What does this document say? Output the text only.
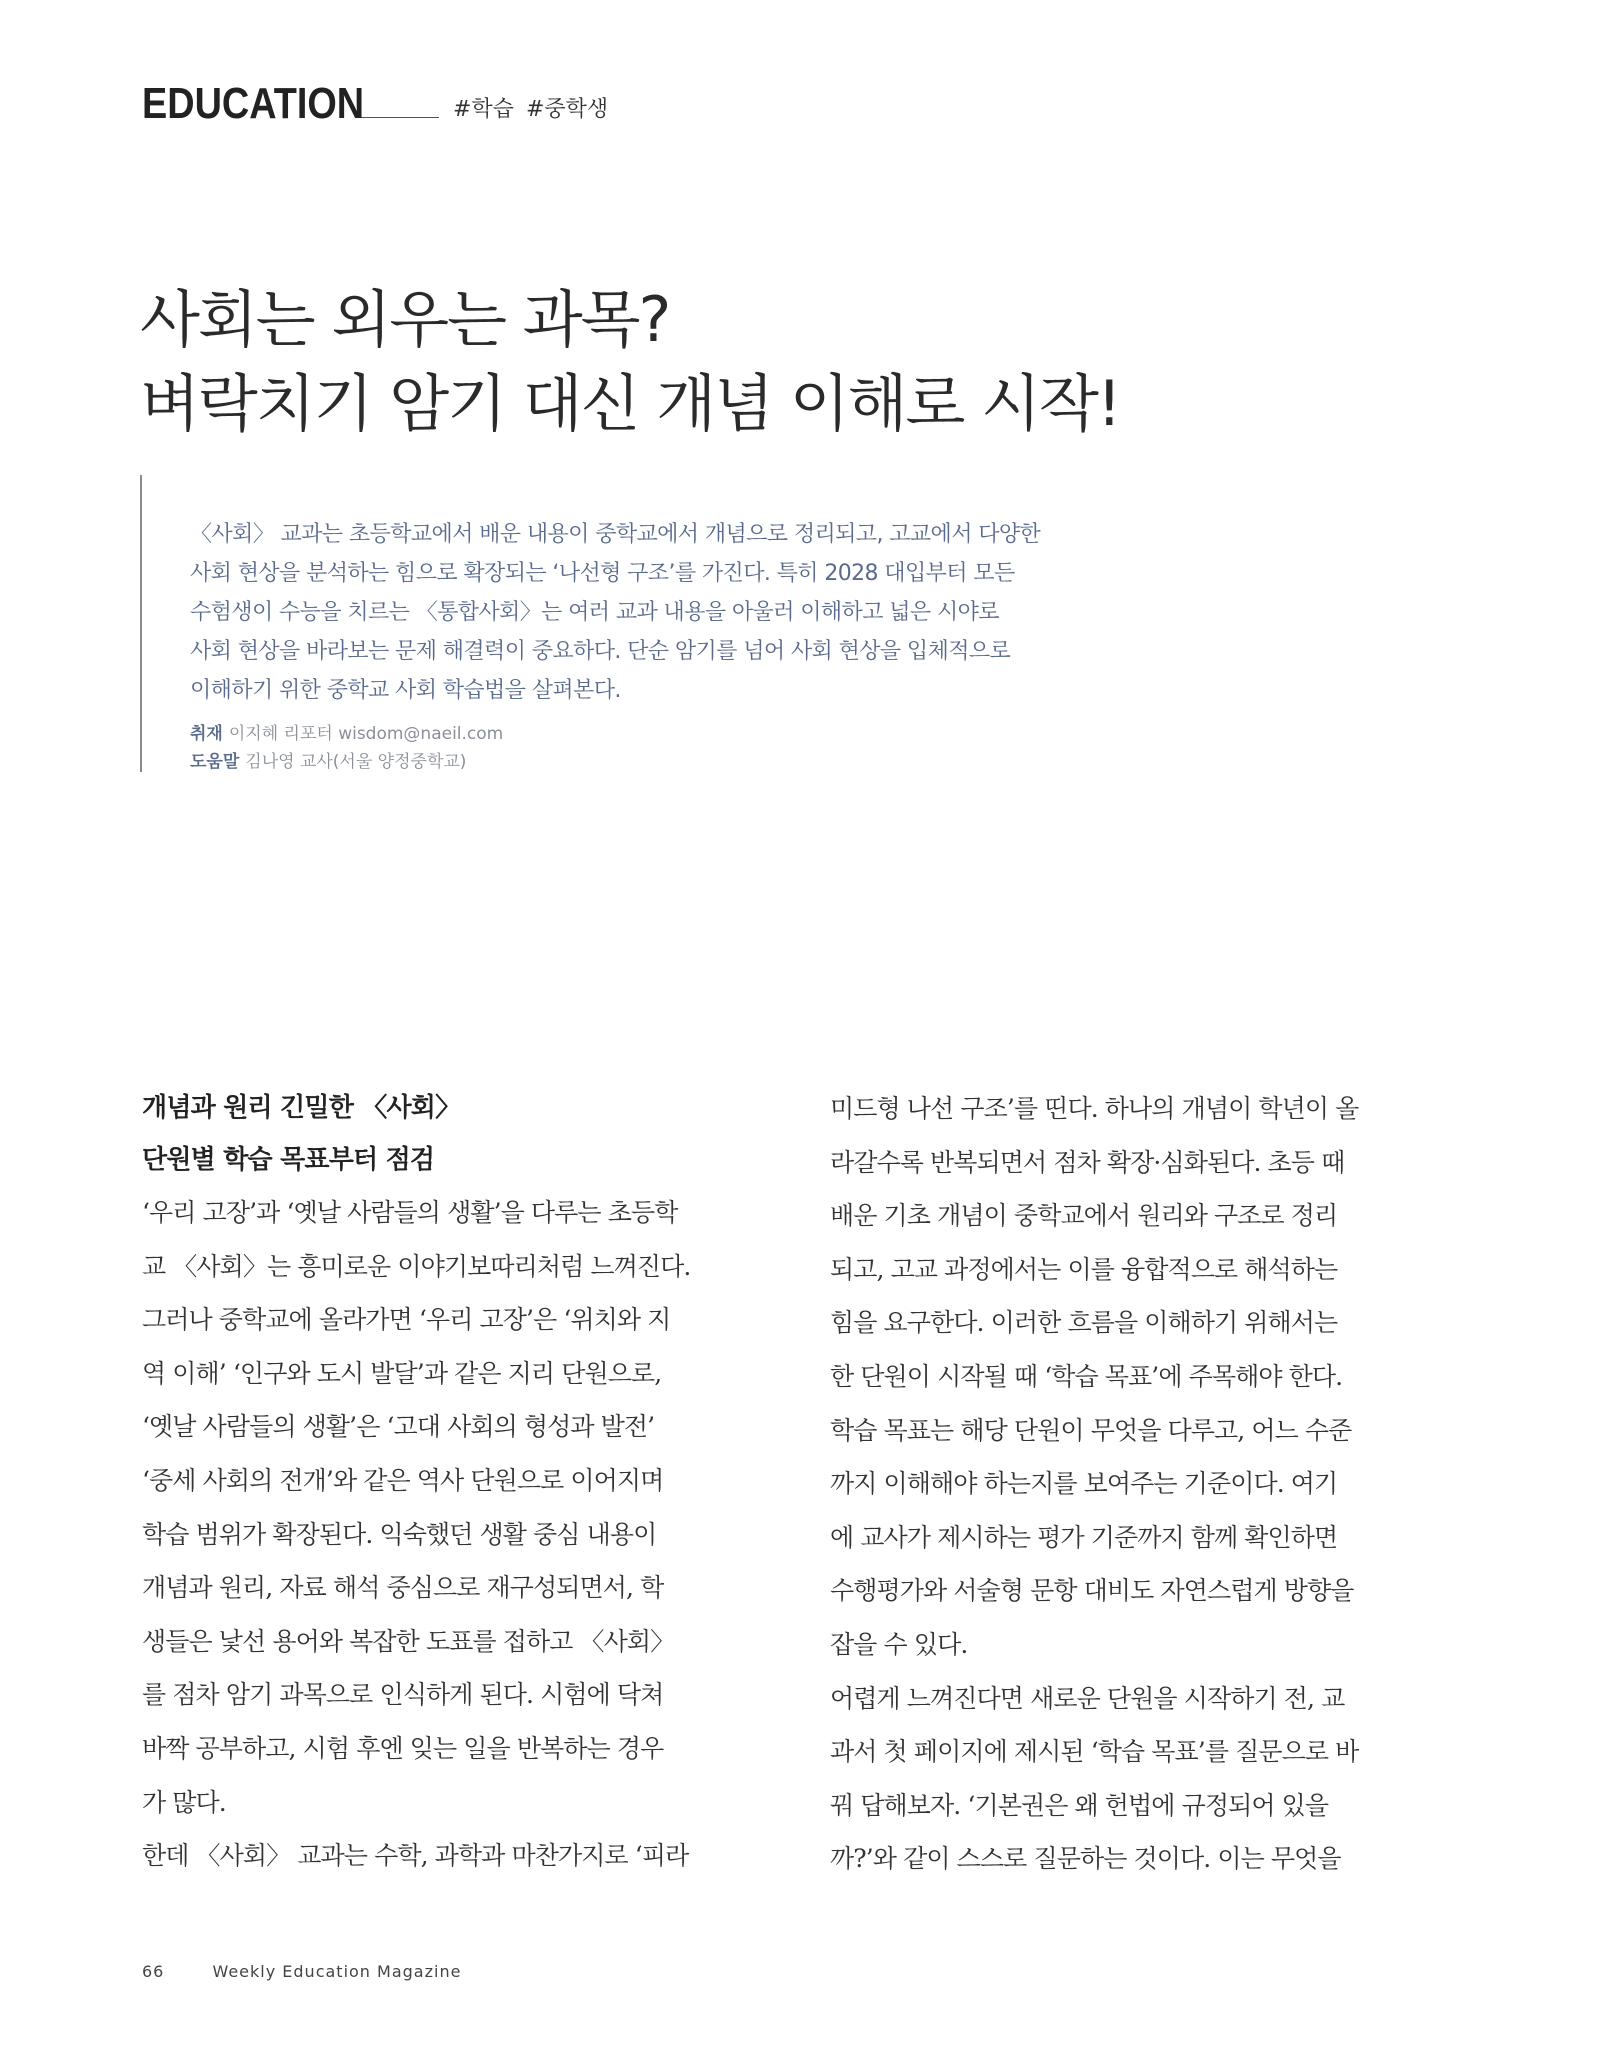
EDUCATION	#학습 #중학생
사회는 외우는 과목?
벼락치기 암기 대신 개념 이해로 시작!
〈사회〉 교과는 초등학교에서 배운 내용이 중학교에서 개념으로 정리되고, 고교에서 다양한
사회 현상을 분석하는 힘으로 확장되는 ‘나선형 구조’를 가진다. 특히 2028 대입부터 모든
수험생이 수능을 치르는 〈통합사회〉는 여러 교과 내용을 아울러 이해하고 넓은 시야로
사회 현상을 바라보는 문제 해결력이 중요하다. 단순 암기를 넘어 사회 현상을 입체적으로
이해하기 위한 중학교 사회 학습법을 살펴본다.
취재 이지혜 리포터 wisdom@naeil.com
도움말 김나영 교사(서울 양정중학교)
개념과 원리 긴밀한 〈사회〉
단원별 학습 목표부터 점검
‘우리 고장’과 ‘옛날 사람들의 생활’을 다루는 초등학
교 〈사회〉는 흥미로운 이야기보따리처럼 느껴진다.
그러나 중학교에 올라가면 ‘우리 고장’은 ‘위치와 지
역 이해’ ‘인구와 도시 발달’과 같은 지리 단원으로,
‘옛날 사람들의 생활’은 ‘고대 사회의 형성과 발전’
‘중세 사회의 전개’와 같은 역사 단원으로 이어지며
학습 범위가 확장된다. 익숙했던 생활 중심 내용이
개념과 원리, 자료 해석 중심으로 재구성되면서, 학
생들은 낯선 용어와 복잡한 도표를 접하고 〈사회〉
를 점차 암기 과목으로 인식하게 된다. 시험에 닥쳐
바짝 공부하고, 시험 후엔 잊는 일을 반복하는 경우
가 많다.
한데 〈사회〉 교과는 수학, 과학과 마찬가지로 ‘피라
미드형 나선 구조’를 띤다. 하나의 개념이 학년이 올
라갈수록 반복되면서 점차 확장·심화된다. 초등 때
배운 기초 개념이 중학교에서 원리와 구조로 정리
되고, 고교 과정에서는 이를 융합적으로 해석하는
힘을 요구한다. 이러한 흐름을 이해하기 위해서는
한 단원이 시작될 때 ‘학습 목표’에 주목해야 한다.
학습 목표는 해당 단원이 무엇을 다루고, 어느 수준
까지 이해해야 하는지를 보여주는 기준이다. 여기
에 교사가 제시하는 평가 기준까지 함께 확인하면
수행평가와 서술형 문항 대비도 자연스럽게 방향을
잡을 수 있다.
어렵게 느껴진다면 새로운 단원을 시작하기 전, 교
과서 첫 페이지에 제시된 ‘학습 목표’를 질문으로 바
꿔 답해보자. ‘기본권은 왜 헌법에 규정되어 있을
까?’와 같이 스스로 질문하는 것이다. 이는 무엇을
66	Weekly Education Magazine
